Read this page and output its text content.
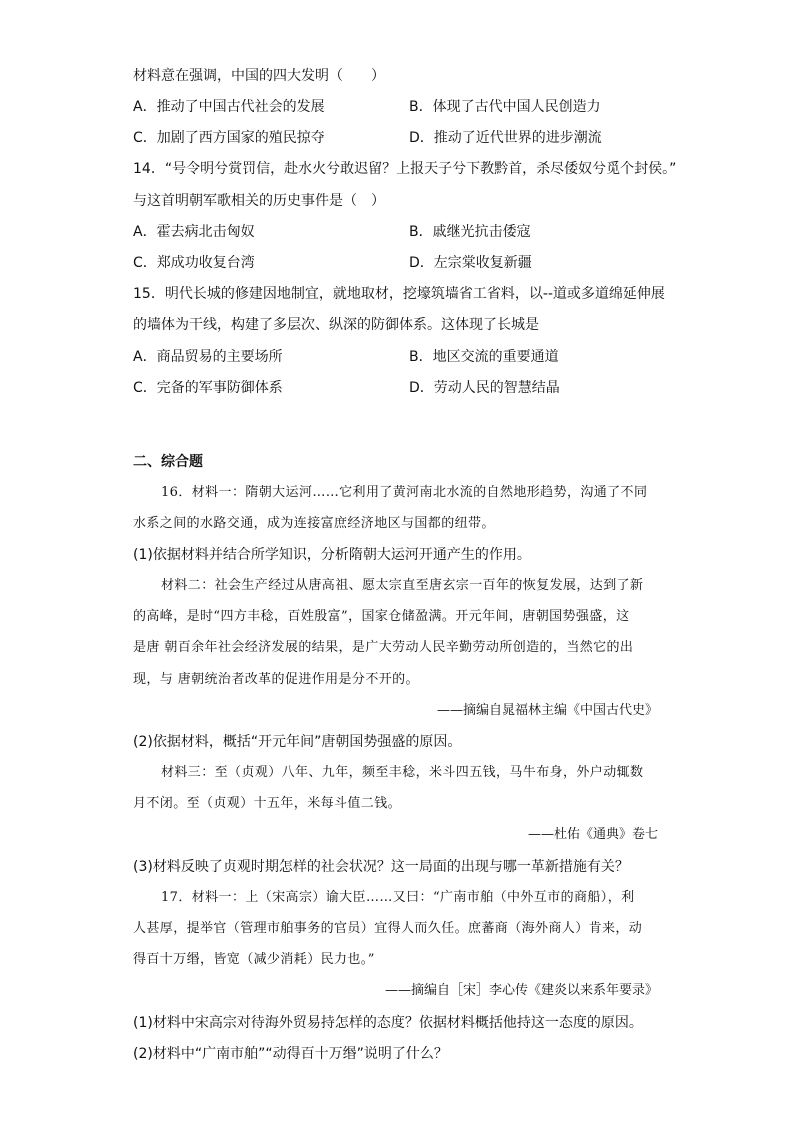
材料意在强调，中国的四大发明（　　）
A．推动了中国古代社会的发展	B．体现了古代中国人民创造力
C．加剧了西方国家的殖民掠夺	D．推动了近代世界的进步潮流
14．“号令明兮赏罚信，赴水火兮敢迟留？上报天子兮下教黔首，杀尽倭奴兮觅个封侯。”
与这首明朝军歌相关的历史事件是（　）
A．霍去病北击匈奴	B．戚继光抗击倭寇
C．郑成功收复台湾	D．左宗棠收复新疆
15．明代长城的修建因地制宜，就地取材，挖壕筑墙省工省料，以--道或多道绵延伸展
的墙体为干线，构建了多层次、纵深的防御体系。这体现了长城是
A．商品贸易的主要场所	B．地区交流的重要通道
C．完备的军事防御体系	D．劳动人民的智慧结晶
二、综合题
16．材料一：隋朝大运河……它利用了黄河南北水流的自然地形趋势，沟通了不同
水系之间的水路交通，成为连接富庶经济地区与国都的纽带。
(1)依据材料并结合所学知识，分析隋朝大运河开通产生的作用。
材料二：社会生产经过从唐高祖、愿太宗直至唐玄宗一百年的恢复发展，达到了新
的高峰，是时“四方丰稔，百姓殷富”，国家仓储盈满。开元年间，唐朝国势强盛，这
是唐 朝百余年社会经济发展的结果，是广大劳动人民辛勤劳动所创造的，当然它的出
现，与 唐朝统治者改革的促进作用是分不开的。
——摘编自晁福林主编《中国古代史》
(2)依据材料，概括“开元年间”唐朝国势强盛的原因。
材料三：至（贞观）八年、九年，频至丰稔，米斗四五钱，马牛布身，外户动辄数
月不闭。至（贞观）十五年，米每斗值二钱。
——杜佑《通典》卷七
(3)材料反映了贞观时期怎样的社会状况？这一局面的出现与哪一革新措施有关？
17．材料一：上（宋高宗）谕大臣……又曰：“广南市舶（中外互市的商船），利
人甚厚，提举官（管理市舶事务的官员）宜得人而久任。庶蕃商（海外商人）肯来，动
得百十万缗，皆宽（减少消耗）民力也。”
——摘编自［宋］李心传《建炎以来系年要录》
(1)材料中宋高宗对待海外贸易持怎样的态度？依据材料概括他持这一态度的原因。
(2)材料中“广南市舶”“动得百十万缗”说明了什么？
